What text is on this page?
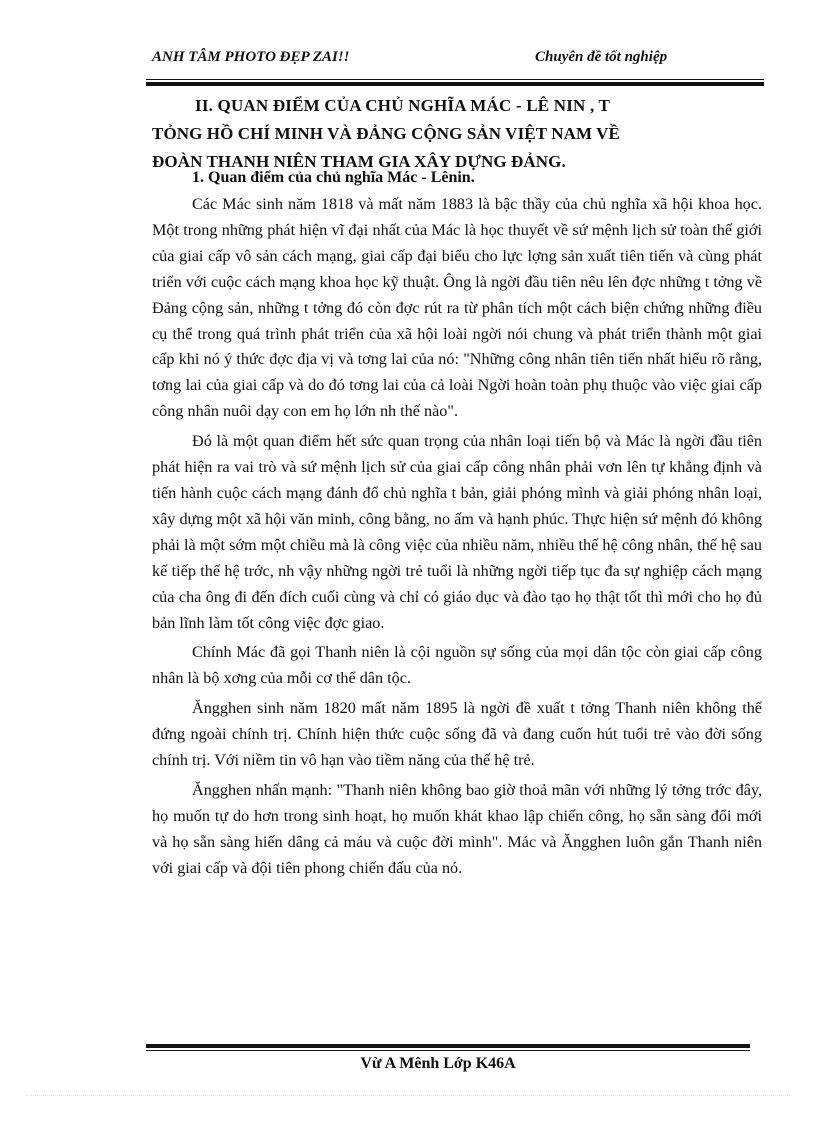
ANH TÂM PHOTO ĐẸP ZAI!!	Chuyên đề tốt nghiệp
II. QUAN ĐIỂM CỦA CHỦ NGHĨA MÁC - LÊ NIN , T
TỎNG HỒ CHÍ MINH VÀ ĐẢNG CỘNG SẢN VIỆT NAM VỀ
ĐOÀN THANH NIÊN THAM GIA XÂY DỰNG ĐẢNG.
1. Quan điểm của chủ nghĩa Mác - Lênin.

Các Mác sinh năm 1818 và mất năm 1883 là bậc thầy của chủ nghĩa xã hội khoa học. Một trong những phát hiện vĩ đại nhất của Mác là học thuyết về sứ mệnh lịch sử toàn thế giới của giai cấp vô sản cách mạng, giai cấp đại biểu cho lực lợng sản xuất tiên tiến và cùng phát triển với cuộc cách mạng khoa học kỹ thuật. Ông là ngời đầu tiên nêu lên đợc những t tởng về Đảng cộng sản, những t tởng đó còn đợc rút ra từ phân tích một cách biện chứng những điều cụ thể trong quá trình phát triển của xã hội loài ngời nói chung và phát triển thành một giai cấp khi nó ý thức đợc địa vị và tơng lai của nó: "Những công nhân tiên tiến nhất hiểu rõ rằng, tơng lai của giai cấp và do đó tơng lai của cả loài Ngời hoàn toàn phụ thuộc vào việc giai cấp công nhân nuôi dạy con em họ lớn nh thế nào".

Đó là một quan điểm hết sức quan trọng của nhân loại tiến bộ và Mác là ngời đầu tiên phát hiện ra vai trò và sứ mệnh lịch sử của giai cấp công nhân phải vơn lên tự khẳng định và tiến hành cuộc cách mạng đánh đổ chủ nghĩa t bản, giải phóng mình và giải phóng nhân loại, xây dựng một xã hội văn minh, công bằng, no ấm và hạnh phúc. Thực hiện sứ mệnh đó không phải là một sớm một chiều mà là công việc của nhiều năm, nhiều thế hệ công nhân, thế hệ sau kế tiếp thế hệ trớc, nh vậy những ngời trẻ tuổi là những ngời tiếp tục đa sự nghiệp cách mạng của cha ông đi đến đích cuối cùng và chỉ có giáo dục và đào tạo họ thật tốt thì mới cho họ đủ bản lĩnh làm tốt công việc đợc giao.

Chính Mác đã gọi Thanh niên là cội nguồn sự sống của mọi dân tộc còn giai cấp công nhân là bộ xơng của mỗi cơ thể dân tộc.

Ăngghen sinh năm 1820 mất năm 1895 là ngời đề xuất t tởng Thanh niên không thể đứng ngoài chính trị. Chính hiện thức cuộc sống đã và đang cuốn hút tuổi trẻ vào đời sống chính trị. Với niềm tin vô hạn vào tiềm năng của thế hệ trẻ.

Ăngghen nhấn mạnh: "Thanh niên không bao giờ thoả mãn với những lý tởng trớc đây, họ muốn tự do hơn trong sinh hoạt, họ muốn khát khao lập chiến công, họ sẵn sàng đổi mới và họ sẵn sàng hiến dâng cả máu và cuộc đời mình". Mác và Ăngghen luôn gắn Thanh niên với giai cấp và đội tiên phong chiến đấu của nó.

Vừ A Mênh Lớp K46A
